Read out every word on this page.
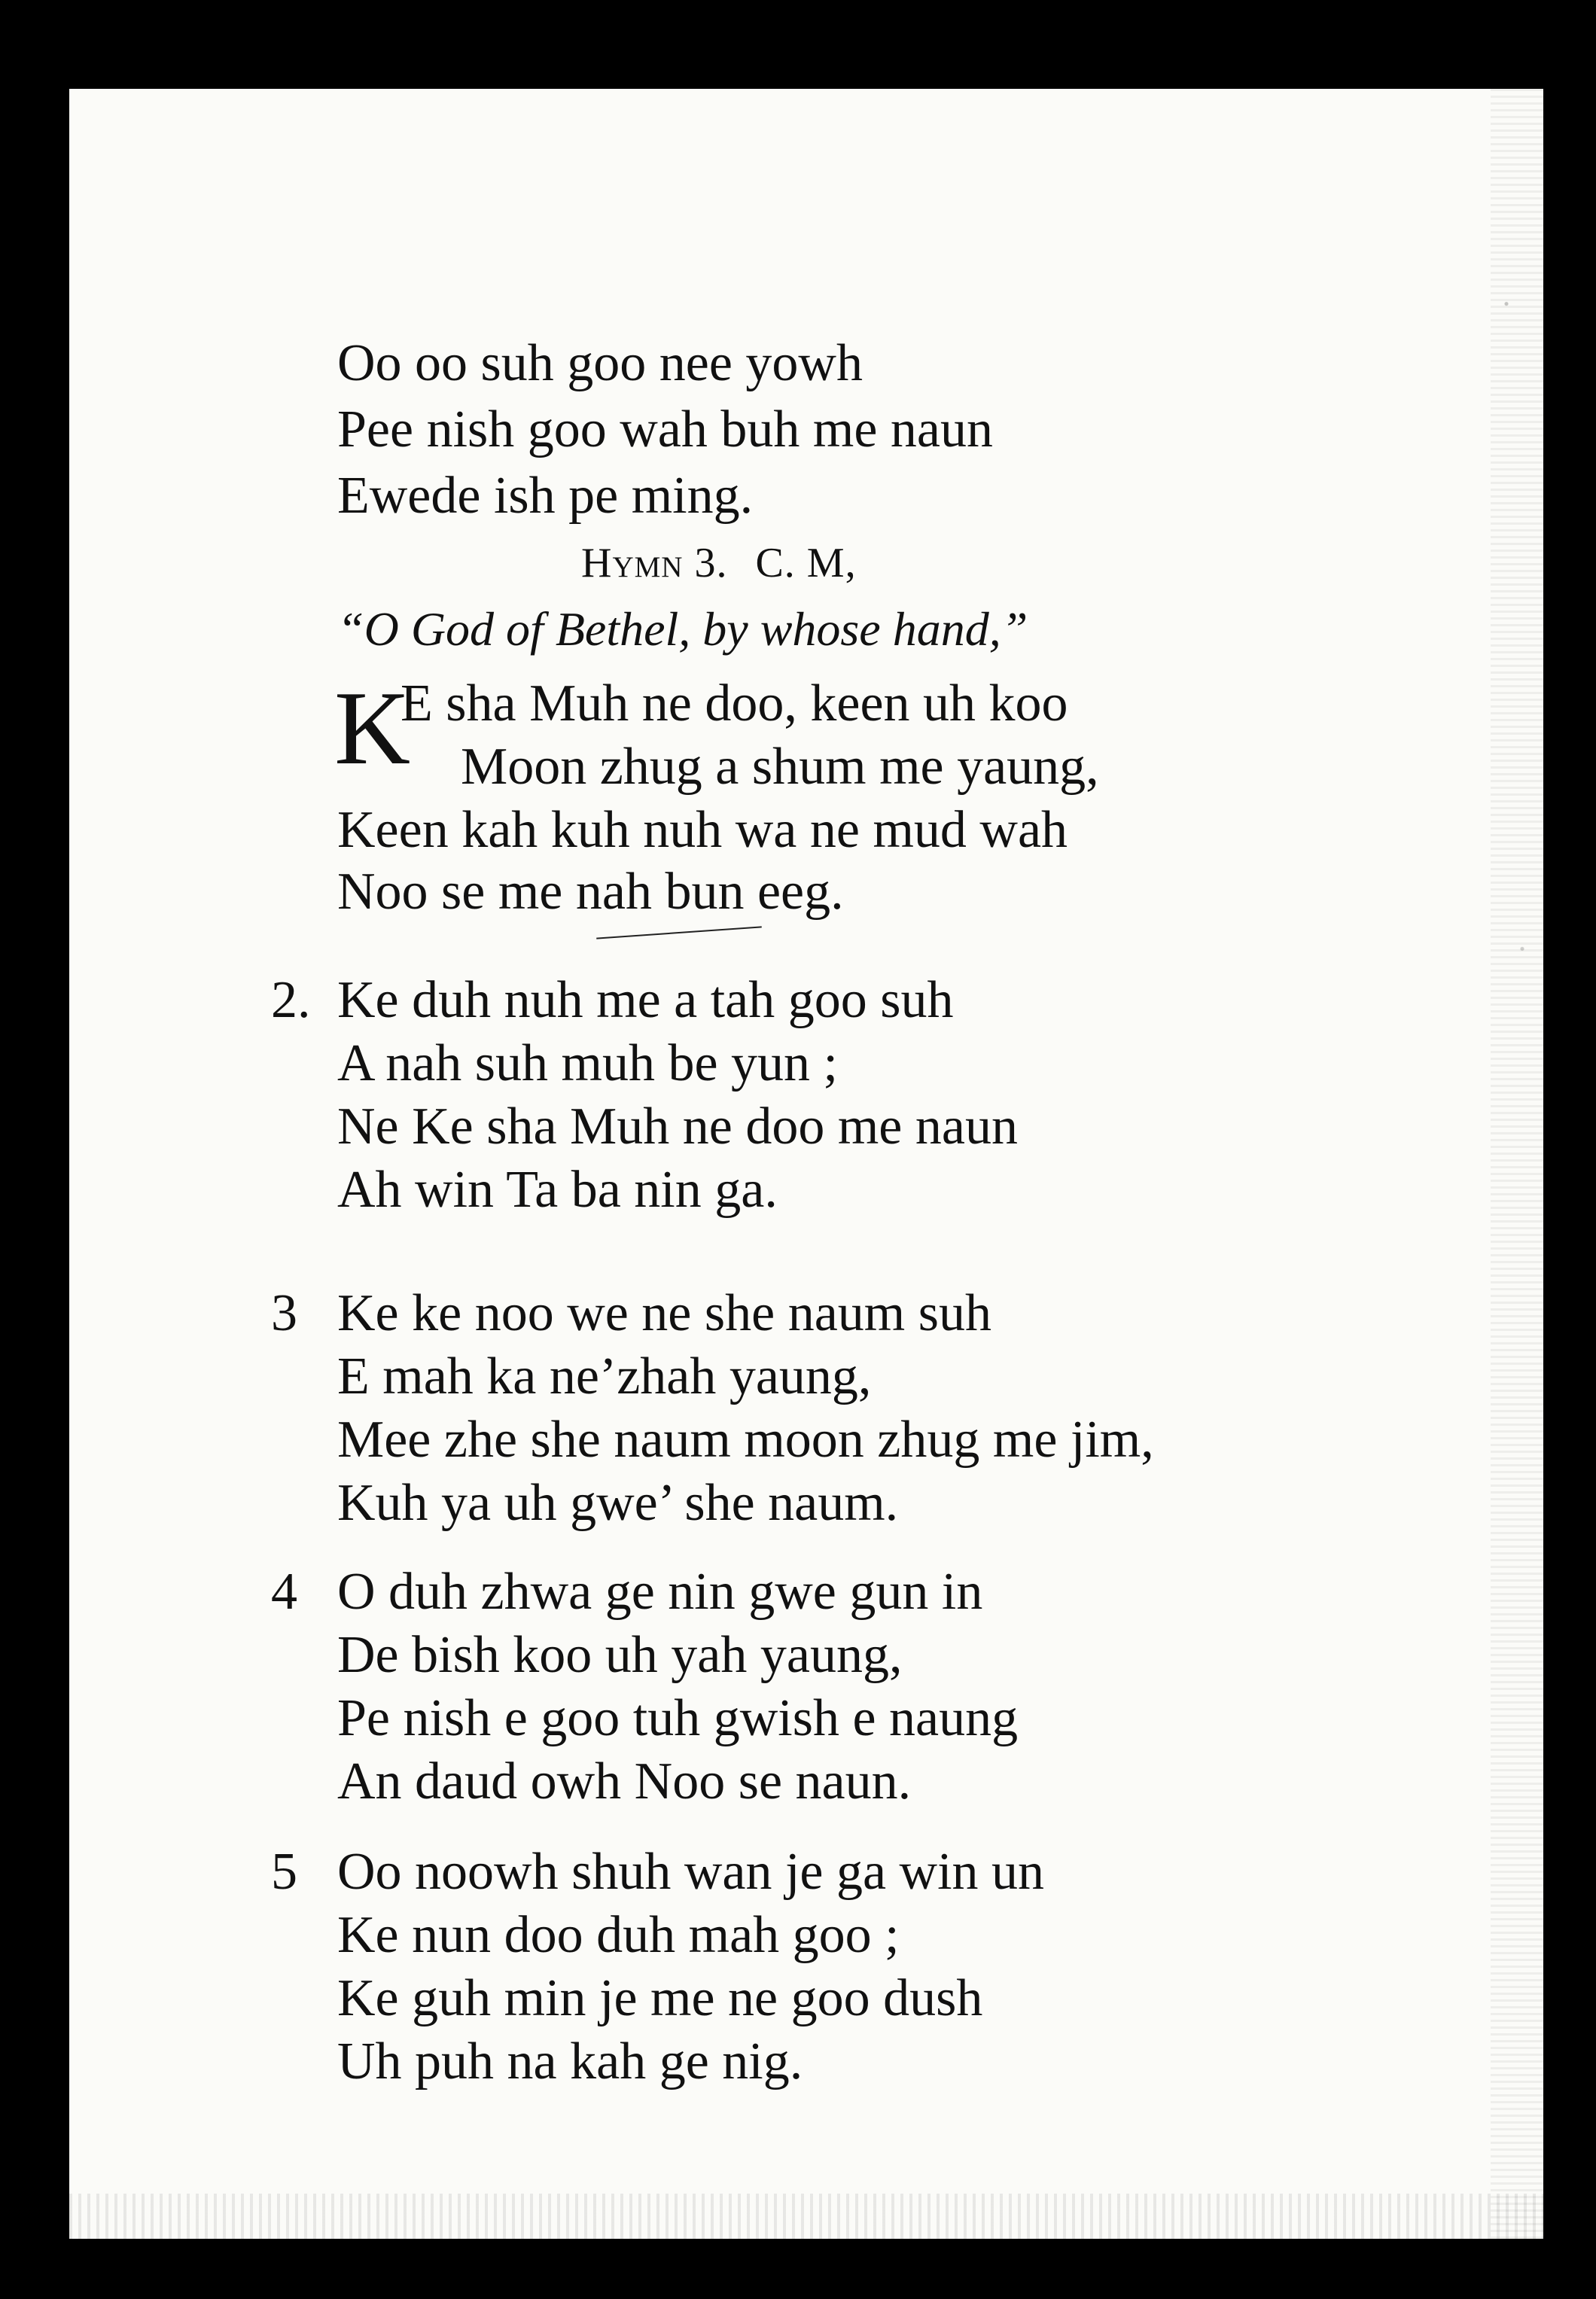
Oo oo suh goo nee yowh
Pee nish goo wah buh me naun
Ewede ish pe ming.
Hymn 3. C. M,
“O God of Bethel, by whose hand,”
K
E sha Muh ne doo, keen uh koo
Moon zhug a shum me yaung,
Keen kah kuh nuh wa ne mud wah
Noo se me nah bun eeg.
2. Ke duh nuh me a tah goo suh
A nah suh muh be yun ;
Ne Ke sha Muh ne doo me naun
Ah win Ta ba nin ga.
3 Ke ke noo we ne she naum suh
E mah ka ne’zhah yaung,
Mee zhe she naum moon zhug me jim,
Kuh ya uh gwe’ she naum.
4 O duh zhwa ge nin gwe gun in
De bish koo uh yah yaung,
Pe nish e goo tuh gwish e naung
An daud owh Noo se naun.
5 Oo noowh shuh wan je ga win un
Ke nun doo duh mah goo ;
Ke guh min je me ne goo dush
Uh puh na kah ge nig.
